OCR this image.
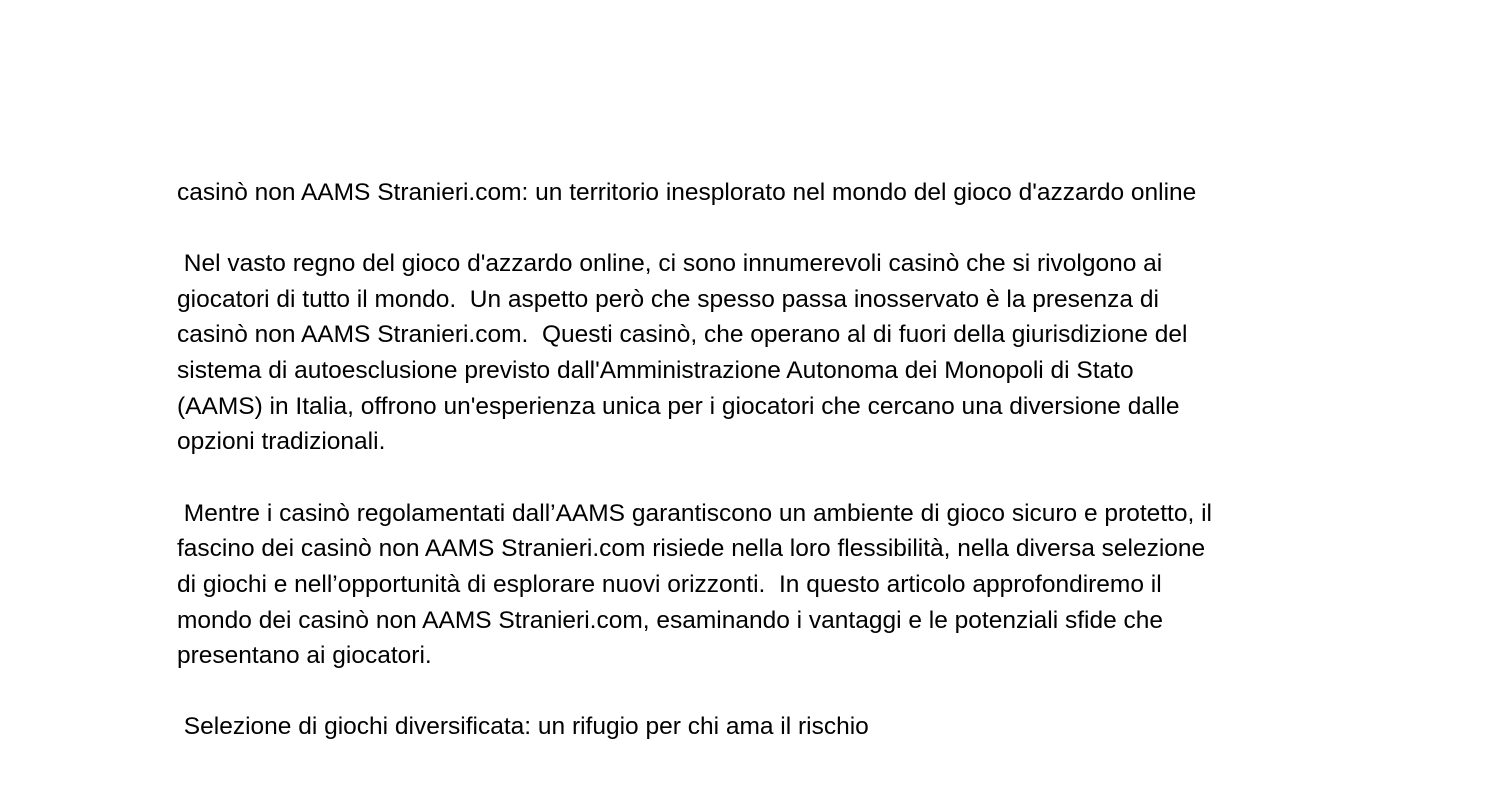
casinò non AAMS Stranieri.com: un territorio inesplorato nel mondo del gioco d'azzardo online

Nel vasto regno del gioco d'azzardo online, ci sono innumerevoli casinò che si rivolgono ai

giocatori di tutto il mondo.  Un aspetto però che spesso passa inosservato è la presenza di

casinò non AAMS Stranieri.com.  Questi casinò, che operano al di fuori della giurisdizione del

sistema di autoesclusione previsto dall'Amministrazione Autonoma dei Monopoli di Stato

(AAMS) in Italia, offrono un'esperienza unica per i giocatori che cercano una diversione dalle

opzioni tradizionali.

Mentre i casinò regolamentati dall’AAMS garantiscono un ambiente di gioco sicuro e protetto, il

fascino dei casinò non AAMS Stranieri.com risiede nella loro flessibilità, nella diversa selezione

di giochi e nell’opportunità di esplorare nuovi orizzonti.  In questo articolo approfondiremo il

mondo dei casinò non AAMS Stranieri.com, esaminando i vantaggi e le potenziali sfide che

presentano ai giocatori.

Selezione di giochi diversificata: un rifugio per chi ama il rischio
